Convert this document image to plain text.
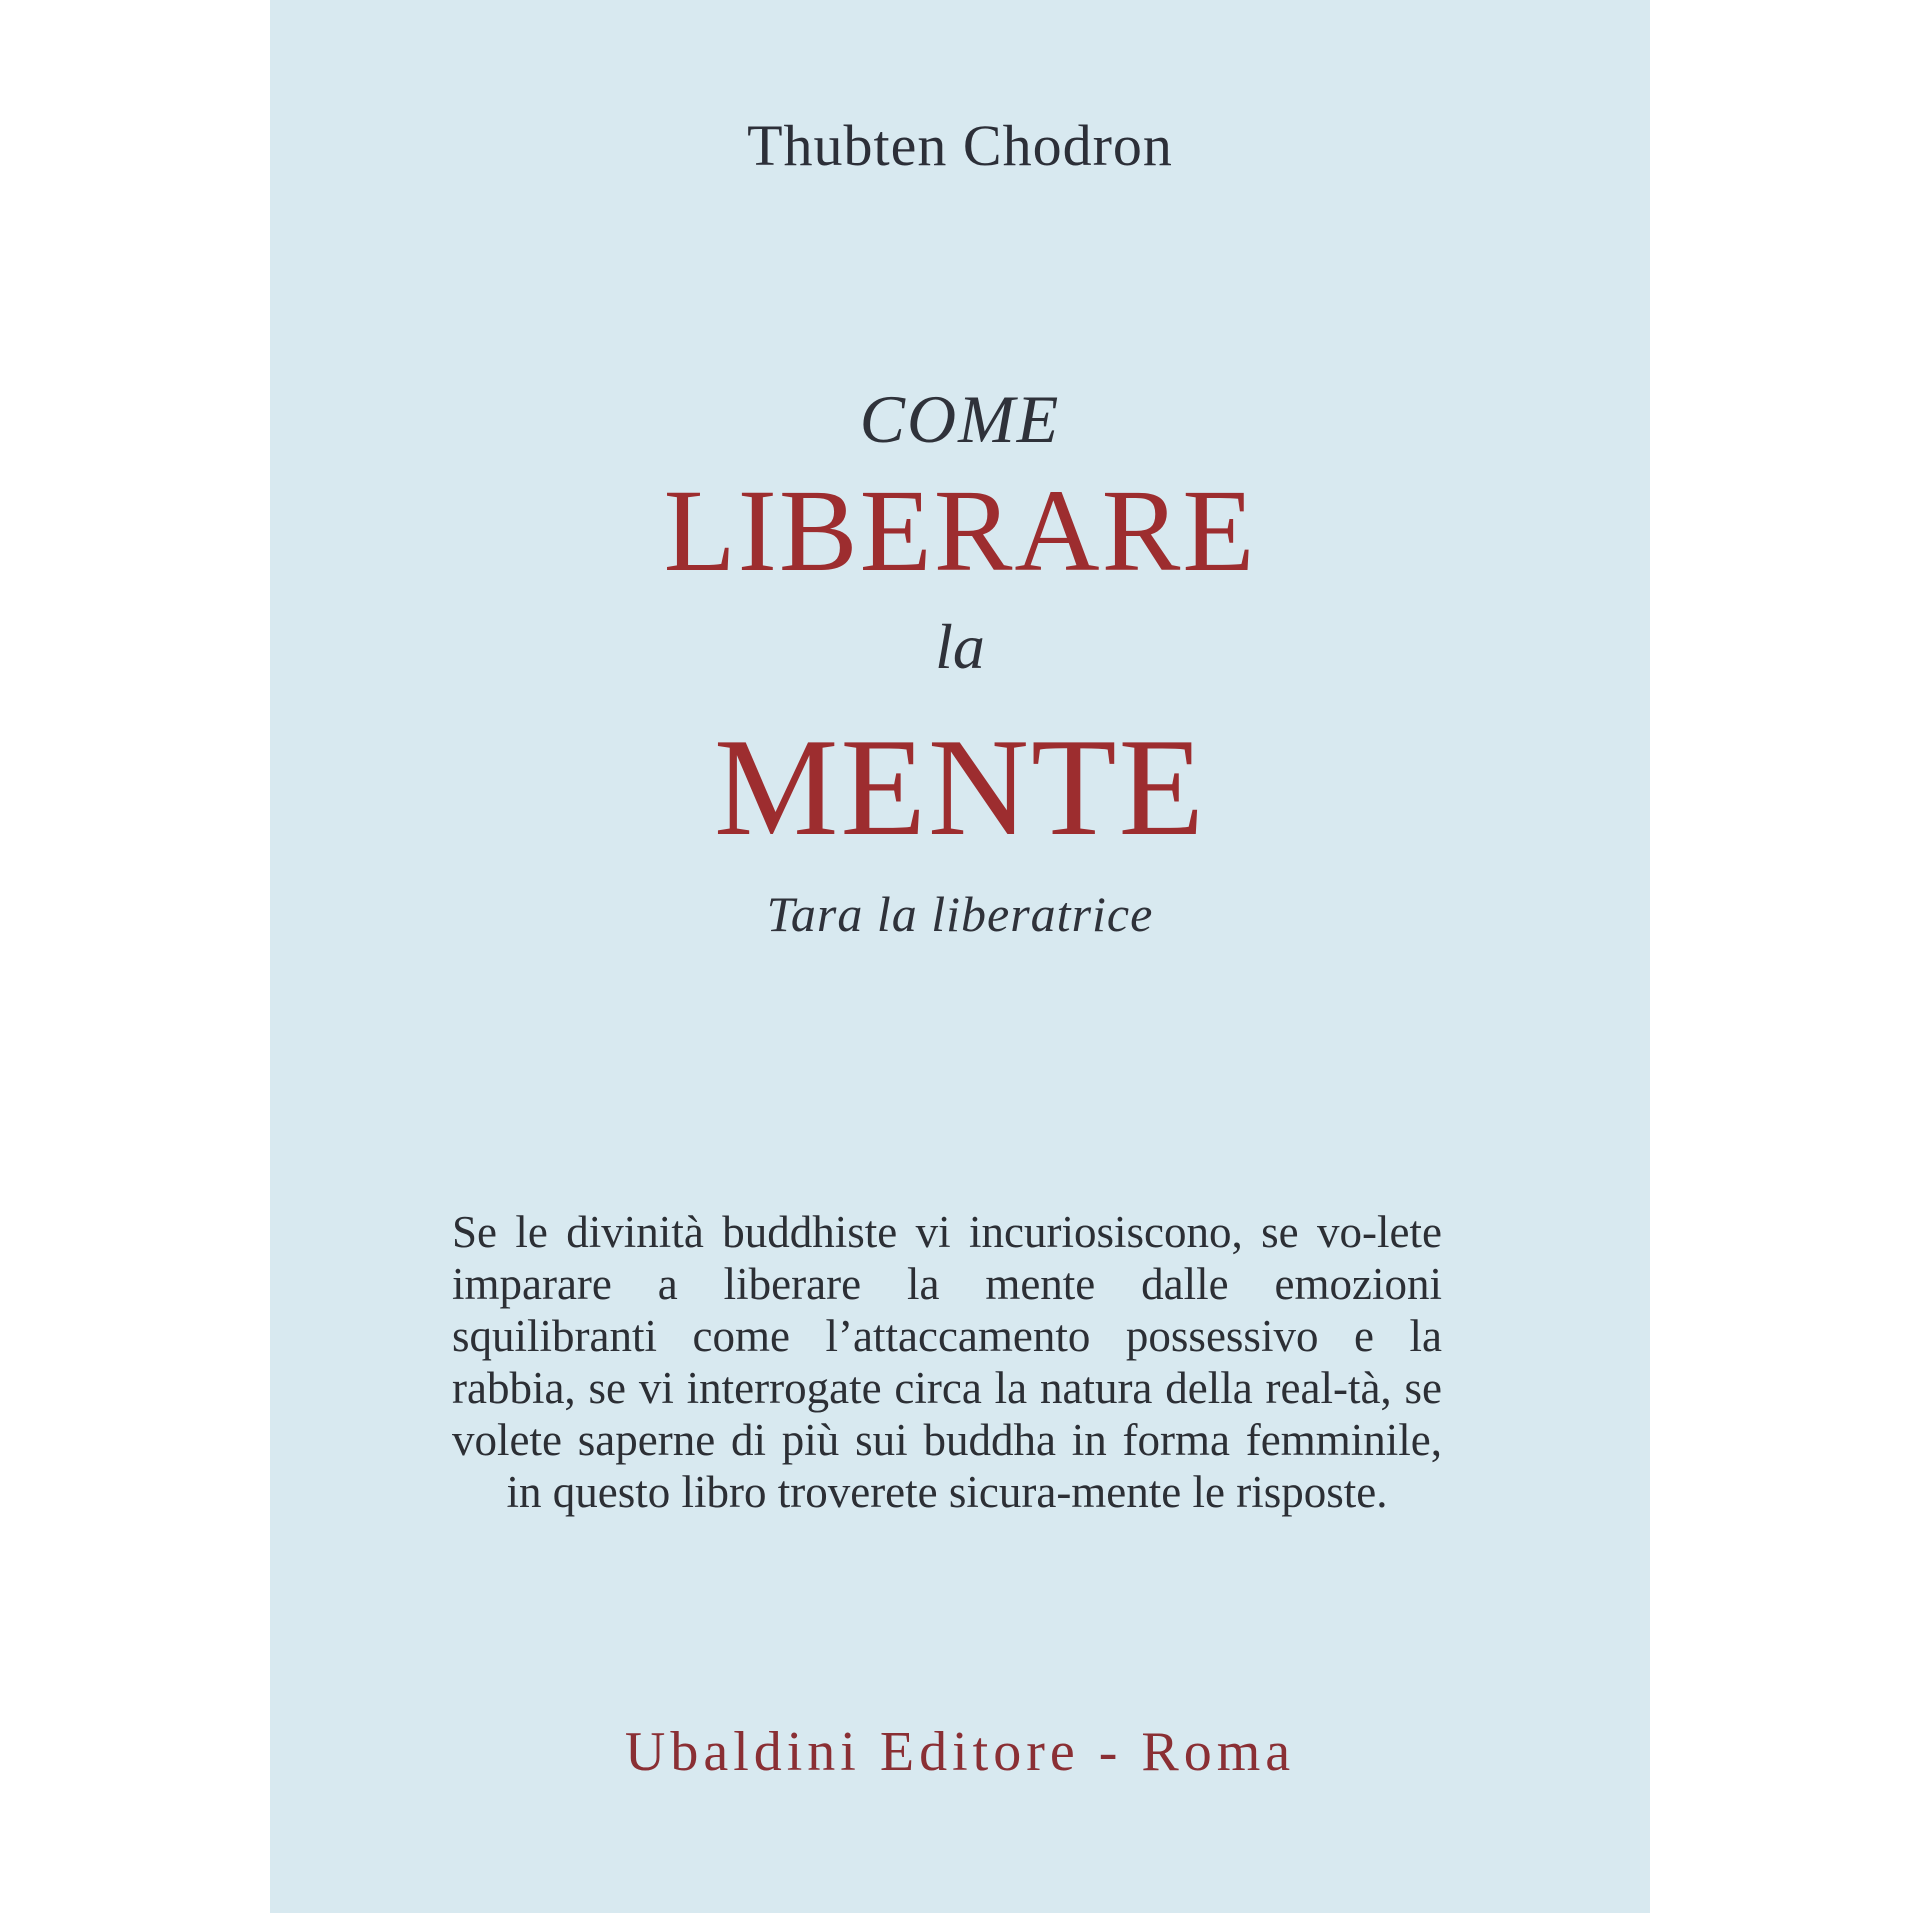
Thubten Chodron
COME
LIBERARE
la
MENTE
Tara la liberatrice
Se le divinità buddhiste vi incuriosiscono, se vo-lete imparare a liberare la mente dalle emozioni squilibranti come l’attaccamento possessivo e la rabbia, se vi interrogate circa la natura della real-tà, se volete saperne di più sui buddha in forma femminile, in questo libro troverete sicura-mente le risposte.
Ubaldini Editore - Roma
